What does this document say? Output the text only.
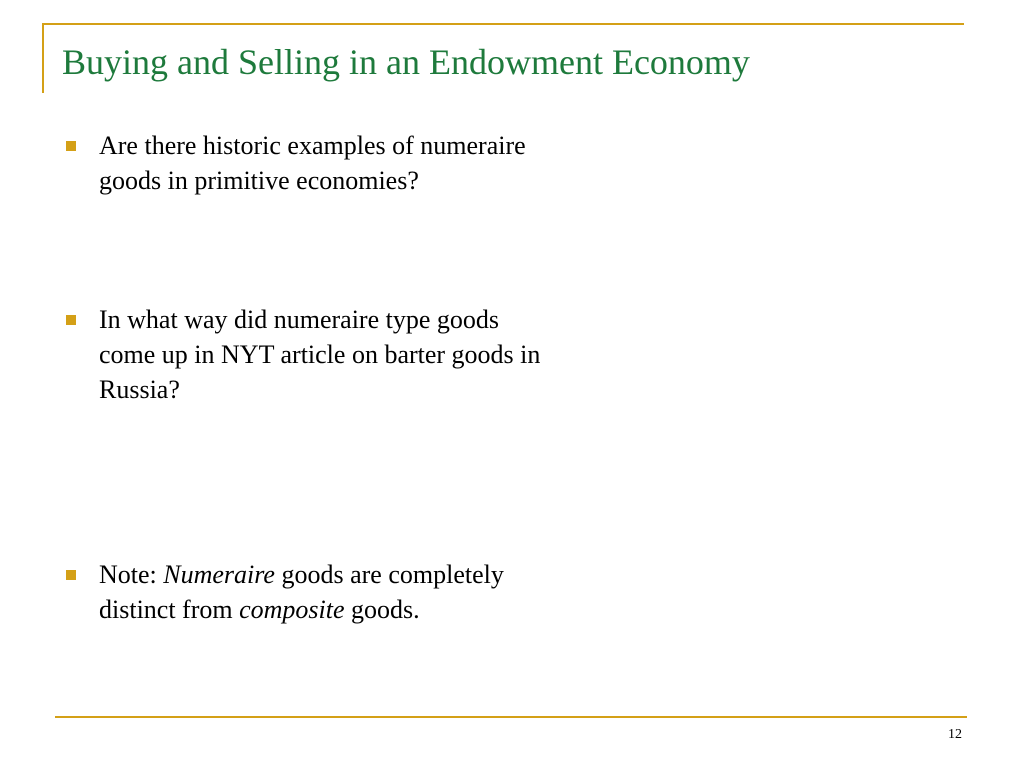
Buying and Selling in an Endowment Economy
Are there historic examples of numeraire
goods in primitive economies?
In what way did numeraire type goods
come up in NYT article on barter goods in
Russia?
Note: Numeraire goods are completely
distinct from composite goods.
12
